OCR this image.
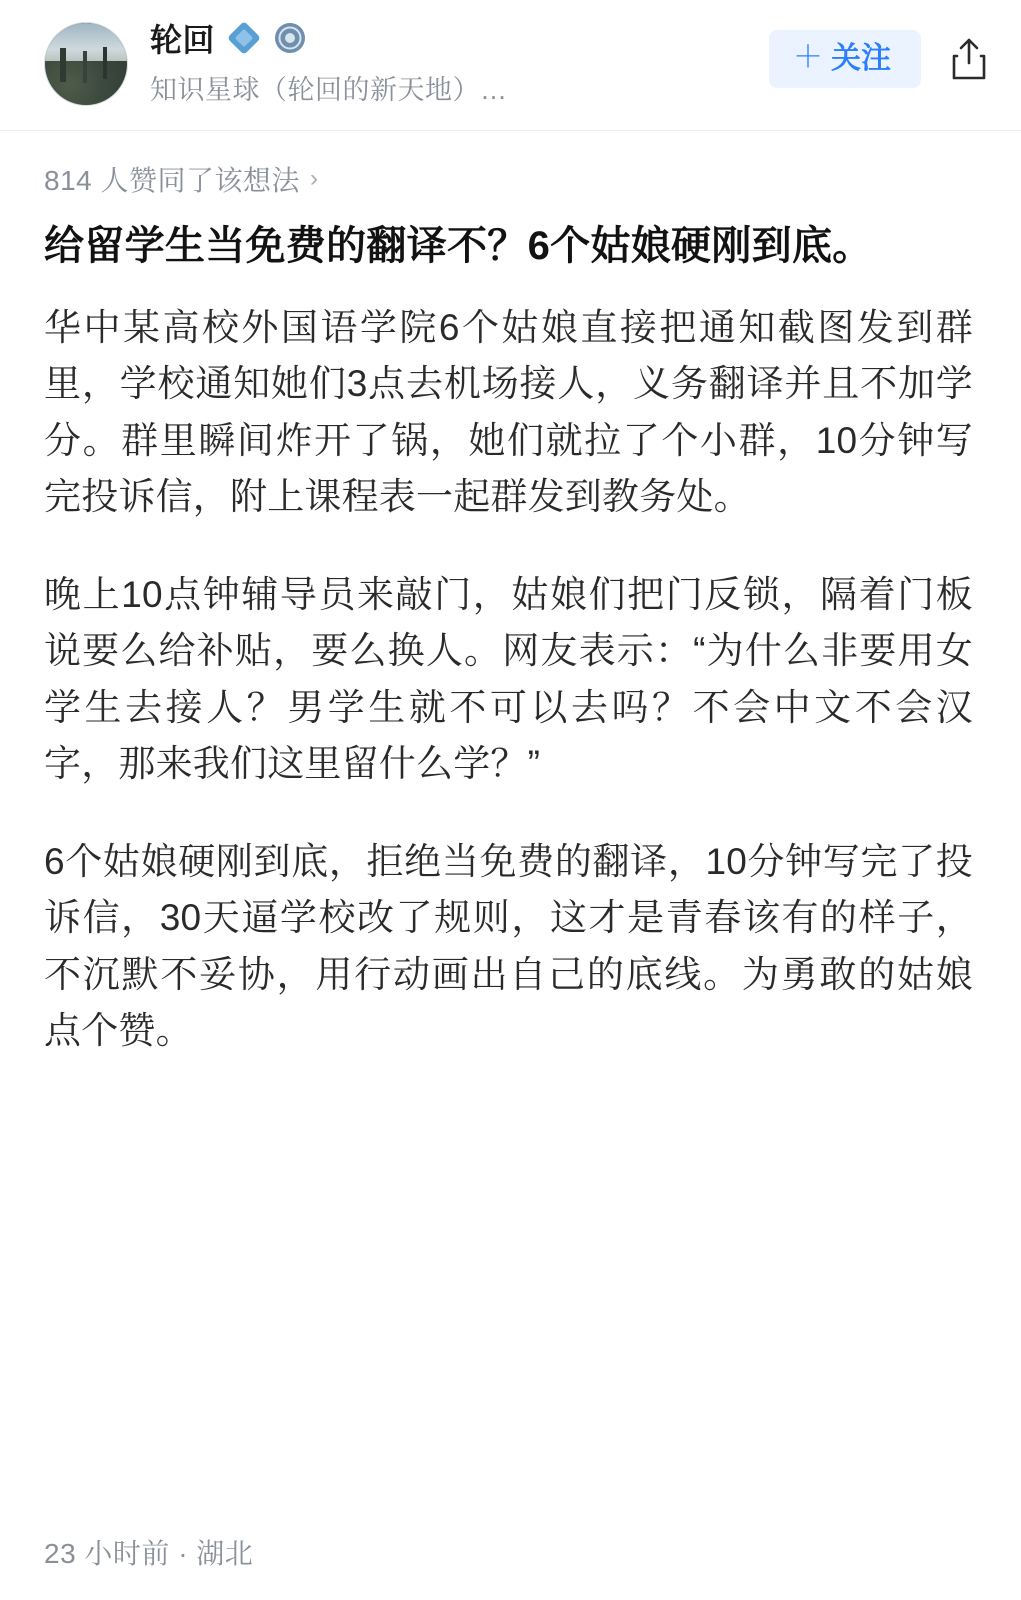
轮回
知识星球（轮回的新天地）…
＋ 关注
814 人赞同了该想法 ›
给留学生当免费的翻译不？6个姑娘硬刚到底。

华中某高校外国语学院6个姑娘直接把通知截图发到群里，学校通知她们3点去机场接人，义务翻译并且不加学分。群里瞬间炸开了锅，她们就拉了个小群，10分钟写完投诉信，附上课程表一起群发到教务处。

晚上10点钟辅导员来敲门，姑娘们把门反锁，隔着门板说要么给补贴，要么换人。网友表示：“为什么非要用女学生去接人？男学生就不可以去吗？不会中文不会汉字，那来我们这里留什么学？”

6个姑娘硬刚到底，拒绝当免费的翻译，10分钟写完了投诉信，30天逼学校改了规则，这才是青春该有的样子，不沉默不妥协，用行动画出自己的底线。为勇敢的姑娘点个赞。

23 小时前 · 湖北
